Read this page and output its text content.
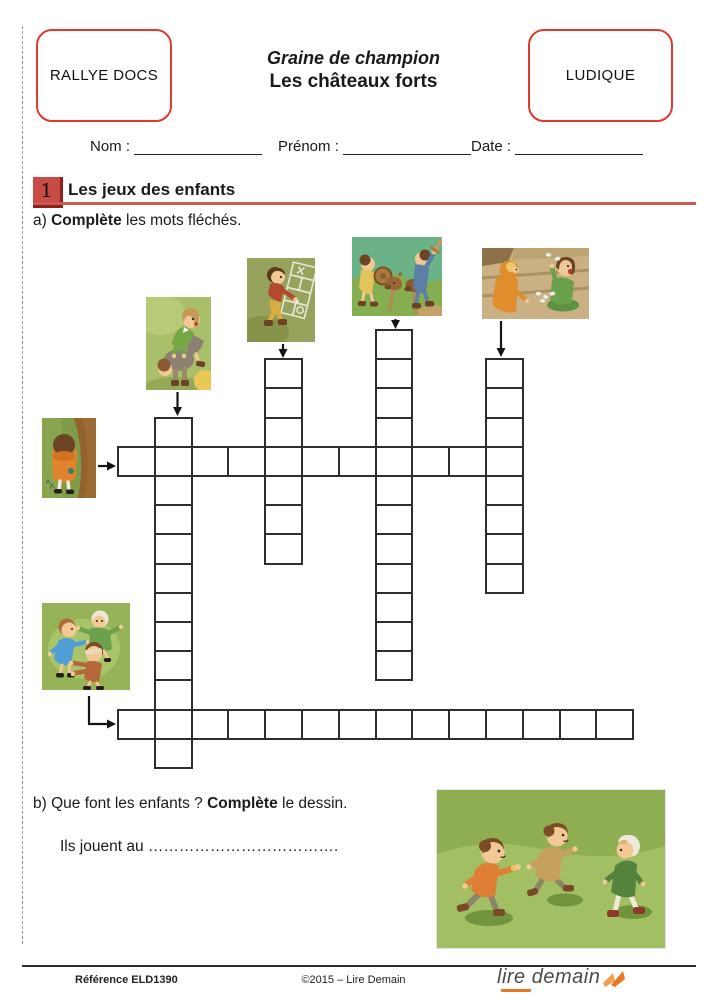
RALLYE DOCS
Graine de champion
Les châteaux forts	LUDIQUE
Nom :	Prénom :	Date :
1 Les jeux des enfants
a) Complète les mots fléchés.
b) Que font les enfants ? Complète le dessin.
Ils jouent au ……………………………….
Référence ELD1390	©2015 – Lire Demain	lire demain
